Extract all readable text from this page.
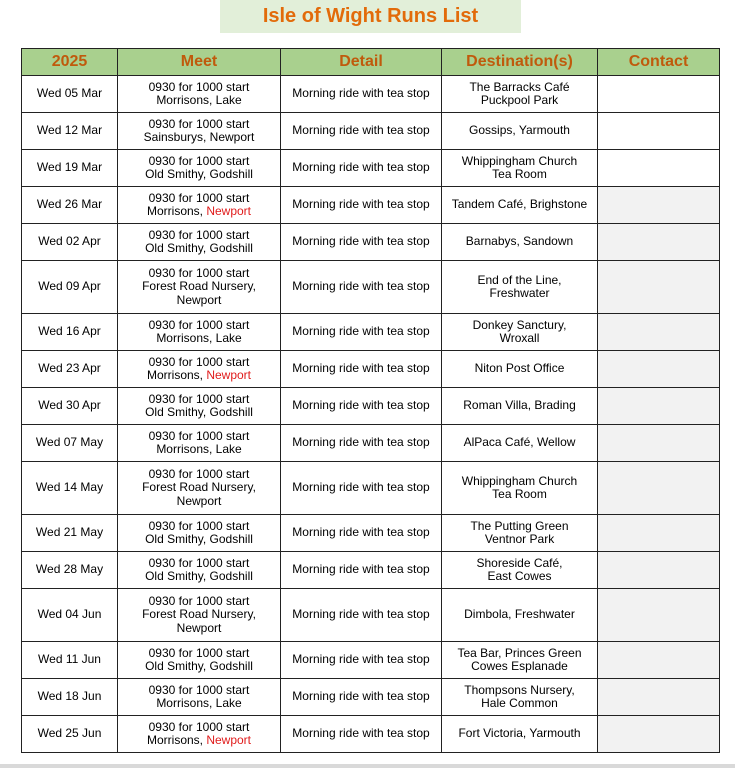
Isle of Wight Runs List
2025	Meet	Detail	Destination(s)	Contact
Wed 05 Mar	0930 for 1000 start
Morrisons, Lake	Morning ride with tea stop	The Barracks Café
Puckpool Park	

Wed 12 Mar	0930 for 1000 start
Sainsburys, Newport	Morning ride with tea stop	Gossips, Yarmouth	

Wed 19 Mar	0930 for 1000 start
Old Smithy, Godshill	Morning ride with tea stop	Whippingham Church
Tea Room	

Wed 26 Mar	0930 for 1000 start
Morrisons, Newport	Morning ride with tea stop	Tandem Café, Brighstone	

Wed 02 Apr	0930 for 1000 start
Old Smithy, Godshill	Morning ride with tea stop	Barnabys, Sandown	

Wed 09 Apr	0930 for 1000 start
Forest Road Nursery,
Newport	Morning ride with tea stop	End of the Line,
Freshwater	

Wed 16 Apr	0930 for 1000 start
Morrisons, Lake	Morning ride with tea stop	Donkey Sanctury,
Wroxall	

Wed 23 Apr	0930 for 1000 start
Morrisons, Newport	Morning ride with tea stop	Niton Post Office	

Wed 30 Apr	0930 for 1000 start
Old Smithy, Godshill	Morning ride with tea stop	Roman Villa, Brading	

Wed 07 May	0930 for 1000 start
Morrisons, Lake	Morning ride with tea stop	AlPaca Café, Wellow	

Wed 14 May	0930 for 1000 start
Forest Road Nursery,
Newport	Morning ride with tea stop	Whippingham Church
Tea Room	

Wed 21 May	0930 for 1000 start
Old Smithy, Godshill	Morning ride with tea stop	The Putting Green
Ventnor Park	

Wed 28 May	0930 for 1000 start
Old Smithy, Godshill	Morning ride with tea stop	Shoreside Café,
East Cowes	

Wed 04 Jun	0930 for 1000 start
Forest Road Nursery,
Newport	Morning ride with tea stop	Dimbola, Freshwater	

Wed 11 Jun	0930 for 1000 start
Old Smithy, Godshill	Morning ride with tea stop	Tea Bar, Princes Green
Cowes Esplanade	

Wed 18 Jun	0930 for 1000 start
Morrisons, Lake	Morning ride with tea stop	Thompsons Nursery,
Hale Common	

Wed 25 Jun	0930 for 1000 start
Morrisons, Newport	Morning ride with tea stop	Fort Victoria, Yarmouth	
